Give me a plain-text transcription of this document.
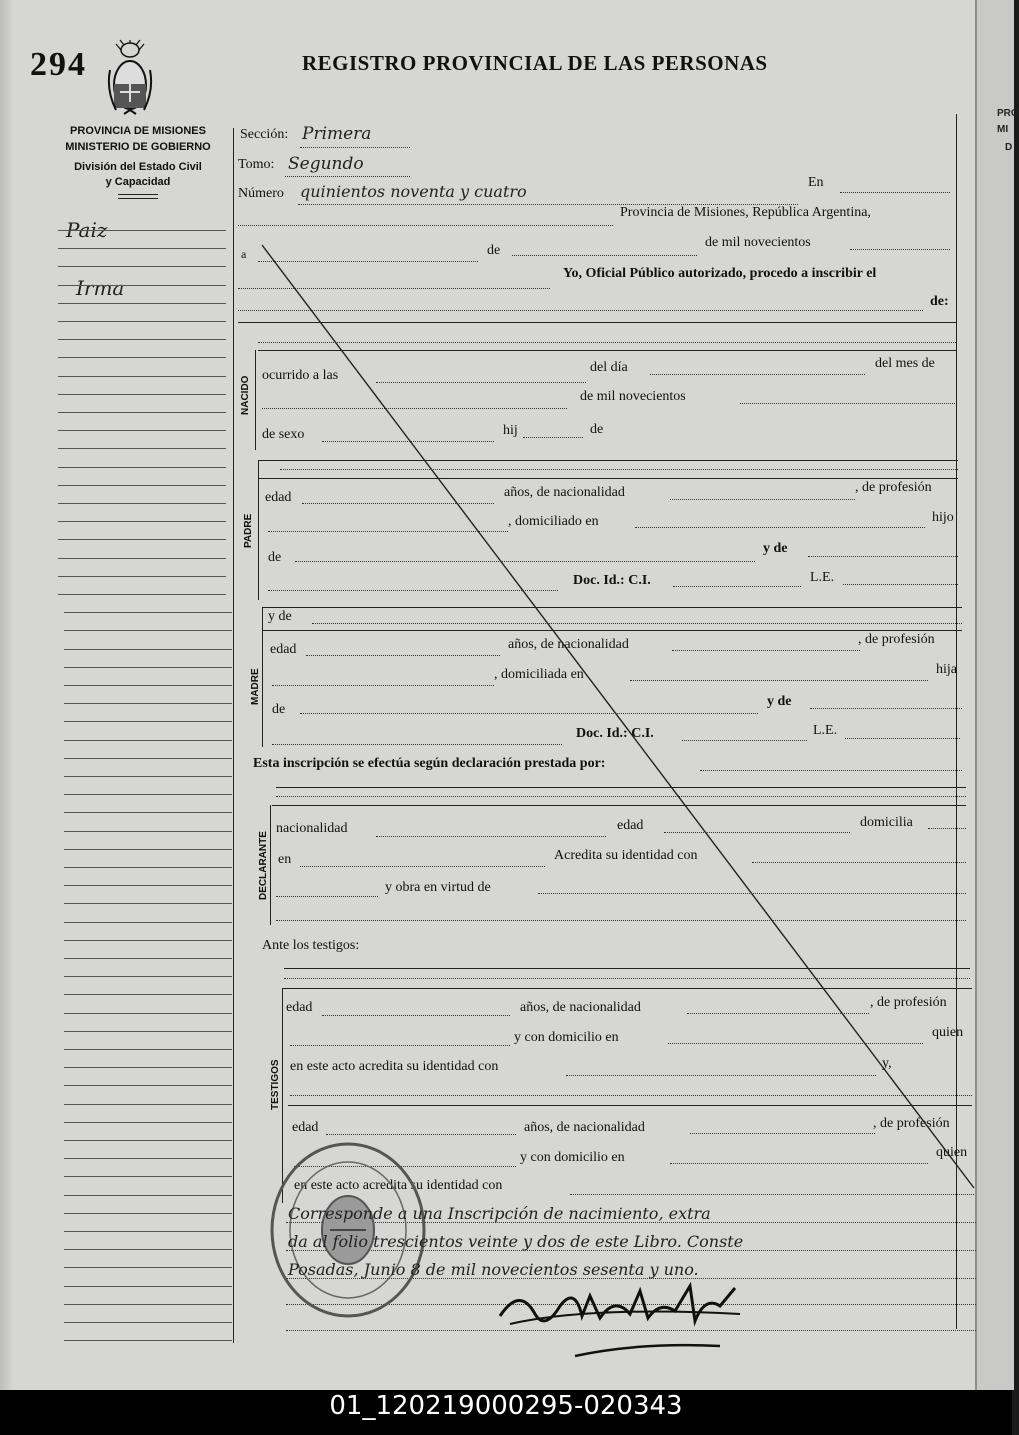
PRO
MI
D
294	REGISTRO PROVINCIAL DE LAS PERSONAS
PROVINCIA DE MISIONES
MINISTERIO DE GOBIERNO
División del Estado Civil
y Capacidad
Paiz
Irma
Sección: Primera
Tomo: Segundo
Número quinientos noventa y cuatro	En
Provincia de Misiones, República Argentina,
a	de
de mil novecientos
Yo, Oficial Público autorizado, procedo a inscribir el
de:
NACIDO
ocurrido a las
del día	del mes de
de mil novecientos
de sexo	hij	de
PADRE
edad	años, de nacionalidad	, de profesión
, domiciliado en	hijo
de
y de
Doc. Id.: C.I.	L.E.
y de
MADRE
edad	años, de nacionalidad	, de profesión
, domiciliada en	hija
de
y de
Doc. Id.: C.I.	L.E.
Esta inscripción se efectúa según declaración prestada por:
DECLARANTE
nacionalidad	edad	domicilia
en	Acredita su identidad con
y obra en virtud de
Ante los testigos:
TESTIGOS
edad	años, de nacionalidad	, de profesión
y con domicilio en	quien
en este acto acredita su identidad con	y,
edad	años, de nacionalidad	, de profesión
y con domicilio en	quien
en este acto acredita su identidad con
Corresponde a una Inscripción de nacimiento, extra
da al folio trescientos veinte y dos de este Libro. Conste
Posadas, Junio 8 de mil novecientos sesenta y uno.
01_120219000295-020343
